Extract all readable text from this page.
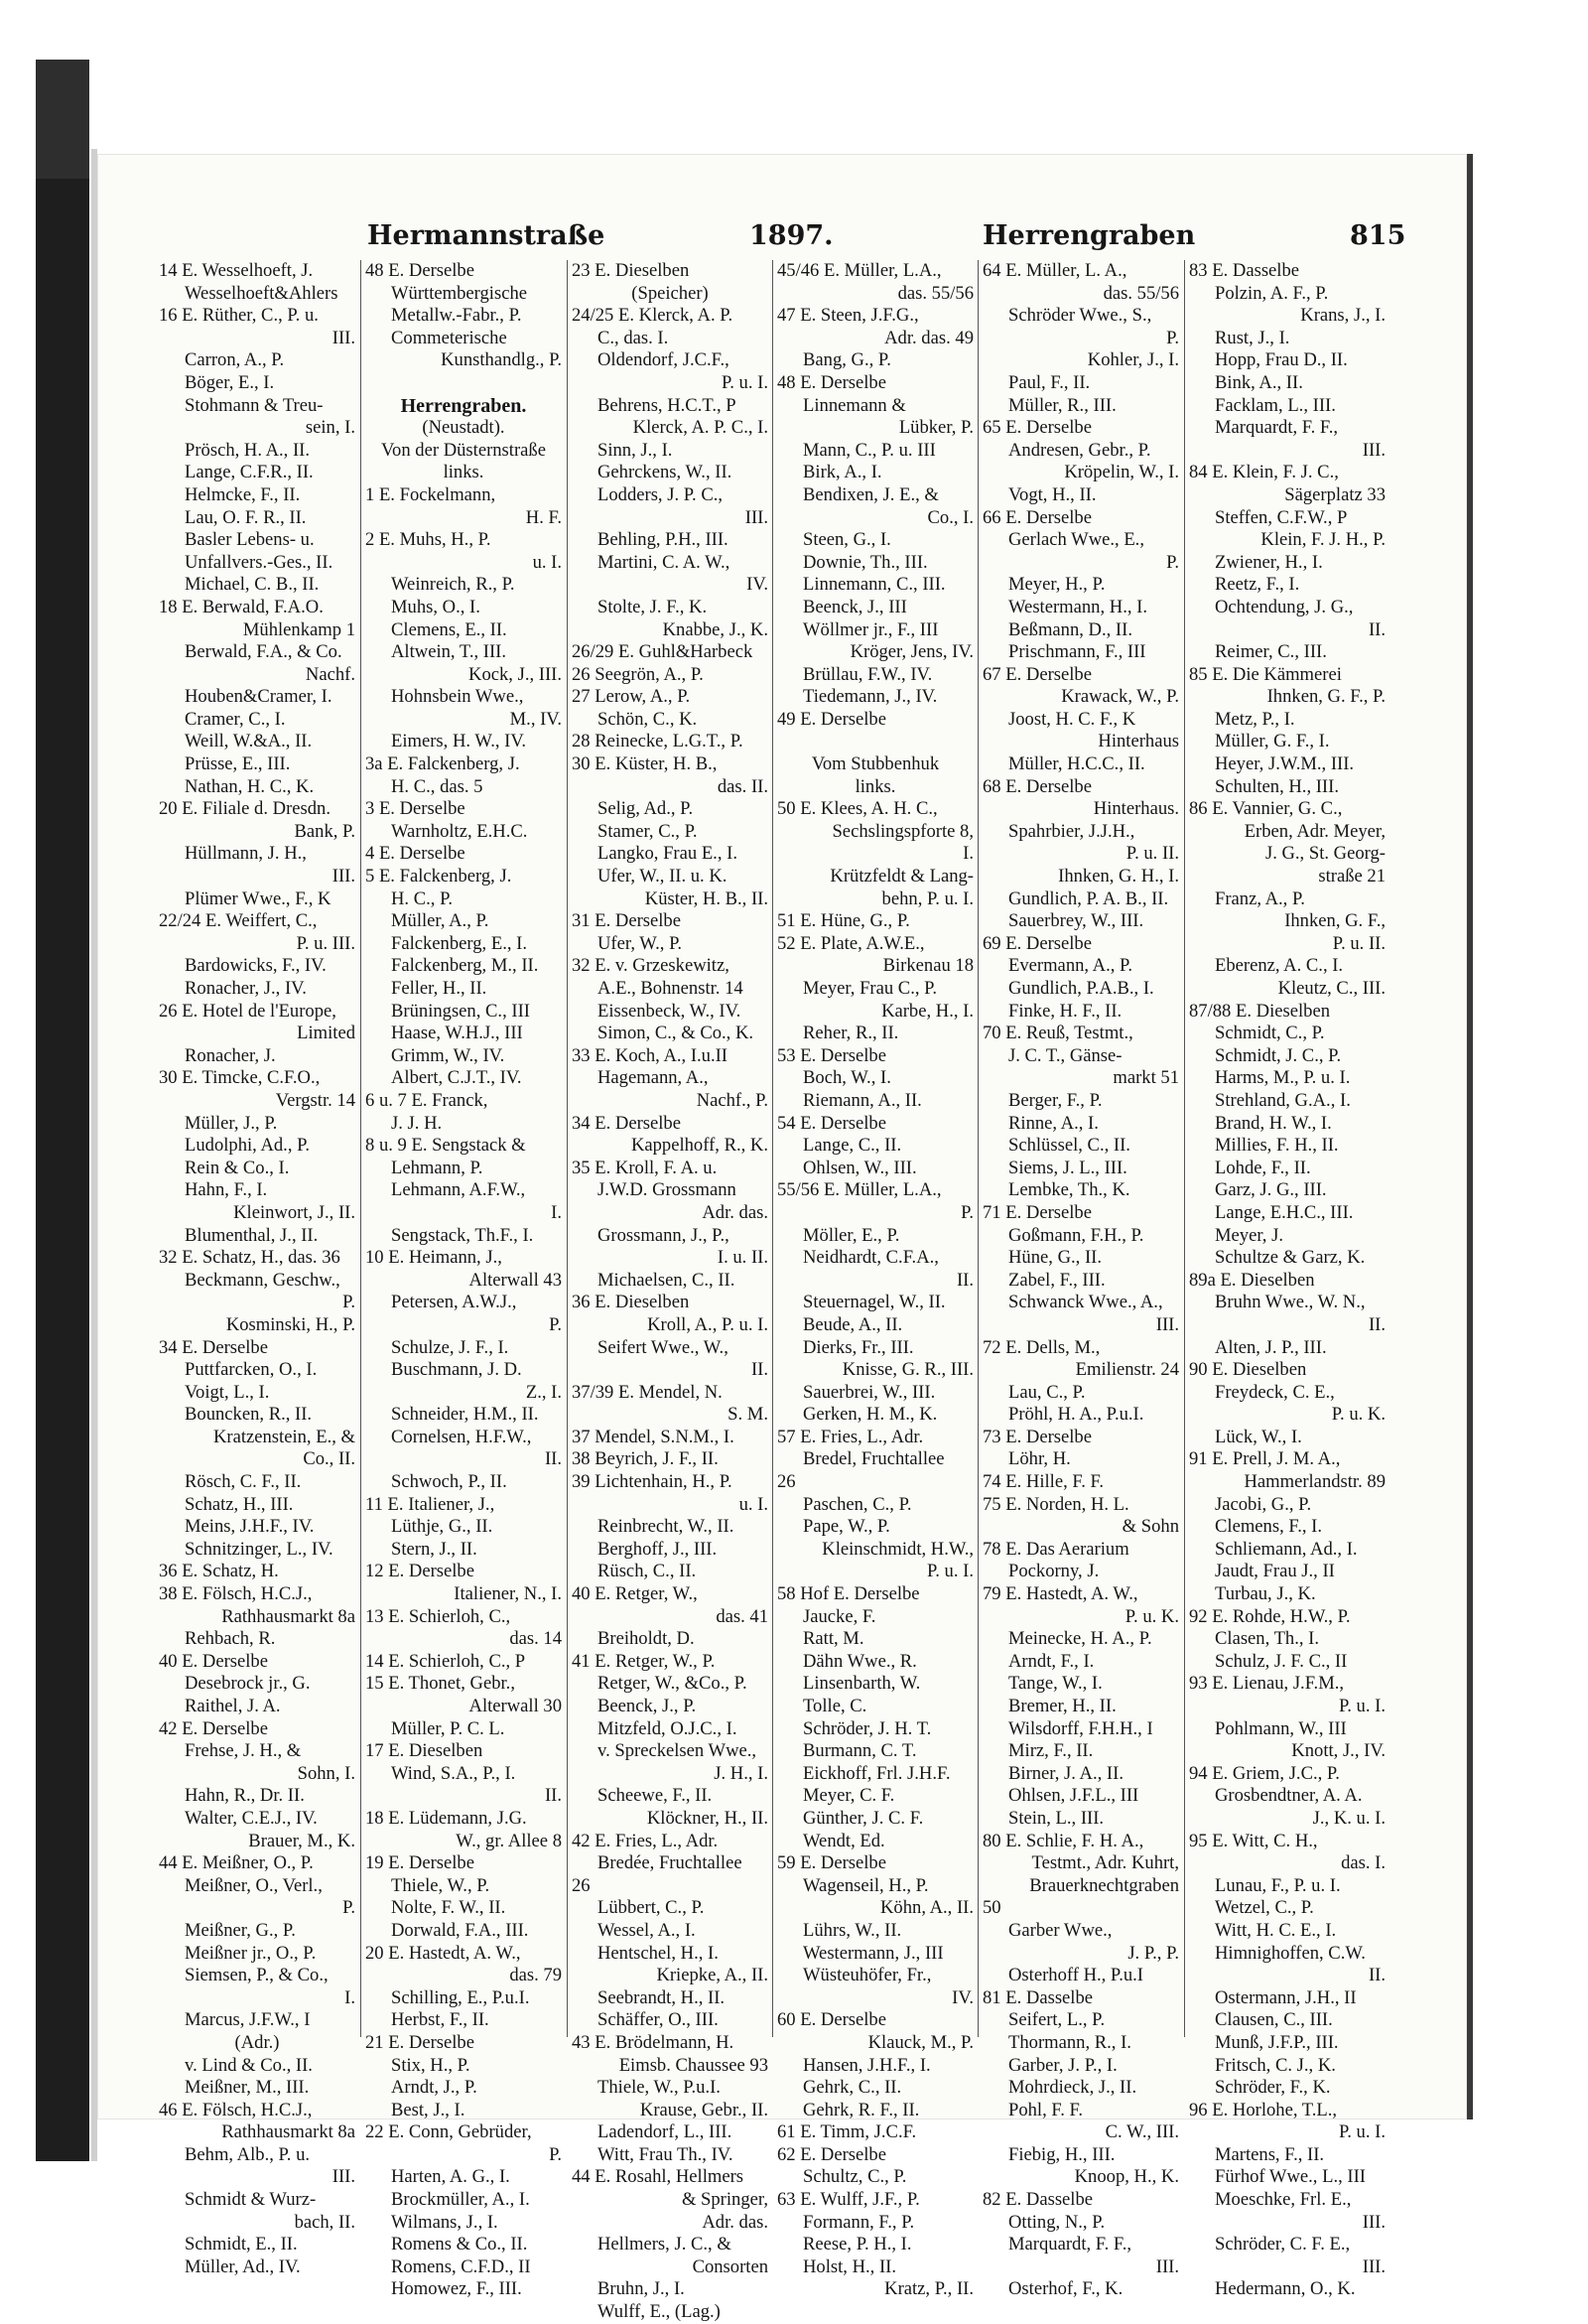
Hermannstraße	1897.	Herrengraben	815
14 E. Wesselhoeft, J.
Wesselhoeft&Ahlers
16 E. Rüther, C., P. u.
III.
Carron, A., P.
Böger, E., I.
Stohmann & Treu-
sein, I.
Prösch, H. A., II.
Lange, C.F.R., II.
Helmcke, F., II.
Lau, O. F. R., II.
Basler Lebens- u.
Unfallvers.-Ges., II.
Michael, C. B., II.
18 E. Berwald, F.A.O.
Mühlenkamp 1
Berwald, F.A., & Co.
Nachf.
Houben&Cramer, I.
Cramer, C., I.
Weill, W.&A., II.
Prüsse, E., III.
Nathan, H. C., K.
20 E. Filiale d. Dresdn.
Bank, P.
Hüllmann, J. H.,
III.
Plümer Wwe., F., K
22/24 E. Weiffert, C.,
P. u. III.
Bardowicks, F., IV.
Ronacher, J., IV.
26 E. Hotel de l'Europe,
Limited
Ronacher, J.
30 E. Timcke, C.F.O.,
Vergstr. 14
Müller, J., P.
Ludolphi, Ad., P.
Rein & Co., I.
Hahn, F., I.
Kleinwort, J., II.
Blumenthal, J., II.
32 E. Schatz, H., das. 36
Beckmann, Geschw.,
P.
Kosminski, H., P.
34 E. Derselbe
Puttfarcken, O., I.
Voigt, L., I.
Bouncken, R., II.
Kratzenstein, E., &
Co., II.
Rösch, C. F., II.
Schatz, H., III.
Meins, J.H.F., IV.
Schnitzinger, L., IV.
36 E. Schatz, H.
38 E. Fölsch, H.C.J.,
Rathhausmarkt 8a
Rehbach, R.
40 E. Derselbe
Desebrock jr., G.
Raithel, J. A.
42 E. Derselbe
Frehse, J. H., &
Sohn, I.
Hahn, R., Dr. II.
Walter, C.E.J., IV.
Brauer, M., K.
44 E. Meißner, O., P.
Meißner, O., Verl.,
P.
Meißner, G., P.
Meißner jr., O., P.
Siemsen, P., & Co.,
I.
Marcus, J.F.W., I
(Adr.)
v. Lind & Co., II.
Meißner, M., III.
46 E. Fölsch, H.C.J.,
Rathhausmarkt 8a
Behm, Alb., P. u.
III.
Schmidt & Wurz-
bach, II.
Schmidt, E., II.
Müller, Ad., IV.
48 E. Derselbe
Württembergische
Metallw.-Fabr., P.
Commeterische
Kunsthandlg., P.
Herrengraben.
(Neustadt).
Von der Düsternstraße
links.
1 E. Fockelmann,
H. F.
2 E. Muhs, H., P.
u. I.
Weinreich, R., P.
Muhs, O., I.
Clemens, E., II.
Altwein, T., III.
Kock, J., III.
Hohnsbein Wwe.,
M., IV.
Eimers, H. W., IV.
3a E. Falckenberg, J.
H. C., das. 5
3 E. Derselbe
Warnholtz, E.H.C.
4 E. Derselbe
5 E. Falckenberg, J.
H. C., P.
Müller, A., P.
Falckenberg, E., I.
Falckenberg, M., II.
Feller, H., II.
Brüningsen, C., III
Haase, W.H.J., III
Grimm, W., IV.
Albert, C.J.T., IV.
6 u. 7 E. Franck,
J. J. H.
8 u. 9 E. Sengstack &
Lehmann, P.
Lehmann, A.F.W.,
I.
Sengstack, Th.F., I.
10 E. Heimann, J.,
Alterwall 43
Petersen, A.W.J.,
P.
Schulze, J. F., I.
Buschmann, J. D.
Z., I.
Schneider, H.M., II.
Cornelsen, H.F.W.,
II.
Schwoch, P., II.
11 E. Italiener, J.,
Lüthje, G., II.
Stern, J., II.
12 E. Derselbe
Italiener, N., I.
13 E. Schierloh, C.,
das. 14
14 E. Schierloh, C., P
15 E. Thonet, Gebr.,
Alterwall 30
Müller, P. C. L.
17 E. Dieselben
Wind, S.A., P., I.
II.
18 E. Lüdemann, J.G.
W., gr. Allee 8
19 E. Derselbe
Thiele, W., P.
Nolte, F. W., II.
Dorwald, F.A., III.
20 E. Hastedt, A. W.,
das. 79
Schilling, E., P.u.I.
Herbst, F., II.
21 E. Derselbe
Stix, H., P.
Arndt, J., P.
Best, J., I.
22 E. Conn, Gebrüder,
P.
Harten, A. G., I.
Brockmüller, A., I.
Wilmans, J., I.
Romens & Co., II.
Romens, C.F.D., II
Homowez, F., III.
23 E. Dieselben
(Speicher)
24/25 E. Klerck, A. P.
C., das. I.
Oldendorf, J.C.F.,
P. u. I.
Behrens, H.C.T., P
Klerck, A. P. C., I.
Sinn, J., I.
Gehrckens, W., II.
Lodders, J. P. C.,
III.
Behling, P.H., III.
Martini, C. A. W.,
IV.
Stolte, J. F., K.
Knabbe, J., K.
26/29 E. Guhl&Harbeck
26 Seegrön, A., P.
27 Lerow, A., P.
Schön, C., K.
28 Reinecke, L.G.T., P.
30 E. Küster, H. B.,
das. II.
Selig, Ad., P.
Stamer, C., P.
Langko, Frau E., I.
Ufer, W., II. u. K.
Küster, H. B., II.
31 E. Derselbe
Ufer, W., P.
32 E. v. Grzeskewitz,
A.E., Bohnenstr. 14
Eissenbeck, W., IV.
Simon, C., & Co., K.
33 E. Koch, A., I.u.II
Hagemann, A.,
Nachf., P.
34 E. Derselbe
Kappelhoff, R., K.
35 E. Kroll, F. A. u.
J.W.D. Grossmann
Adr. das.
Grossmann, J., P.,
I. u. II.
Michaelsen, C., II.
36 E. Dieselben
Kroll, A., P. u. I.
Seifert Wwe., W.,
II.
37/39 E. Mendel, N.
S. M.
37 Mendel, S.N.M., I.
38 Beyrich, J. F., II.
39 Lichtenhain, H., P.
u. I.
Reinbrecht, W., II.
Berghoff, J., III.
Rüsch, C., II.
40 E. Retger, W.,
das. 41
Breiholdt, D.
41 E. Retger, W., P.
Retger, W., &Co., P.
Beenck, J., P.
Mitzfeld, O.J.C., I.
v. Spreckelsen Wwe.,
J. H., I.
Scheewe, F., II.
Klöckner, H., II.
42 E. Fries, L., Adr.
Bredée, Fruchtallee
26
Lübbert, C., P.
Wessel, A., I.
Hentschel, H., I.
Kriepke, A., II.
Seebrandt, H., II.
Schäffer, O., III.
43 E. Brödelmann, H.
Eimsb. Chaussee 93
Thiele, W., P.u.I.
Krause, Gebr., II.
Ladendorf, L., III.
Witt, Frau Th., IV.
44 E. Rosahl, Hellmers
& Springer,
Adr. das.
Hellmers, J. C., &
Consorten
Bruhn, J., I.
Wulff, E., (Lag.)
45/46 E. Müller, L.A.,
das. 55/56
47 E. Steen, J.F.G.,
Adr. das. 49
Bang, G., P.
48 E. Derselbe
Linnemann &
Lübker, P.
Mann, C., P. u. III
Birk, A., I.
Bendixen, J. E., &
Co., I.
Steen, G., I.
Downie, Th., III.
Linnemann, C., III.
Beenck, J., III
Wöllmer jr., F., III
Kröger, Jens, IV.
Brüllau, F.W., IV.
Tiedemann, J., IV.
49 E. Derselbe
Vom Stubbenhuk
links.
50 E. Klees, A. H. C.,
Sechslingspforte 8,
I.
Krützfeldt & Lang-
behn, P. u. I.
51 E. Hüne, G., P.
52 E. Plate, A.W.E.,
Birkenau 18
Meyer, Frau C., P.
Karbe, H., I.
Reher, R., II.
53 E. Derselbe
Boch, W., I.
Riemann, A., II.
54 E. Derselbe
Lange, C., II.
Ohlsen, W., III.
55/56 E. Müller, L.A.,
P.
Möller, E., P.
Neidhardt, C.F.A.,
II.
Steuernagel, W., II.
Beude, A., II.
Dierks, Fr., III.
Knisse, G. R., III.
Sauerbrei, W., III.
Gerken, H. M., K.
57 E. Fries, L., Adr.
Bredel, Fruchtallee
26
Paschen, C., P.
Pape, W., P.
Kleinschmidt, H.W.,
P. u. I.
58 Hof E. Derselbe
Jaucke, F.
Ratt, M.
Dähn Wwe., R.
Linsenbarth, W.
Tolle, C.
Schröder, J. H. T.
Burmann, C. T.
Eickhoff, Frl. J.H.F.
Meyer, C. F.
Günther, J. C. F.
Wendt, Ed.
59 E. Derselbe
Wagenseil, H., P.
Köhn, A., II.
Lührs, W., II.
Westermann, J., III
Wüsteuhöfer, Fr.,
IV.
60 E. Derselbe
Klauck, M., P.
Hansen, J.H.F., I.
Gehrk, C., II.
Gehrk, R. F., II.
61 E. Timm, J.C.F.
62 E. Derselbe
Schultz, C., P.
63 E. Wulff, J.F., P.
Formann, F., P.
Reese, P. H., I.
Holst, H., II.
Kratz, P., II.
64 E. Müller, L. A.,
das. 55/56
Schröder Wwe., S.,
P.
Kohler, J., I.
Paul, F., II.
Müller, R., III.
65 E. Derselbe
Andresen, Gebr., P.
Kröpelin, W., I.
Vogt, H., II.
66 E. Derselbe
Gerlach Wwe., E.,
P.
Meyer, H., P.
Westermann, H., I.
Beßmann, D., II.
Prischmann, F., III
67 E. Derselbe
Krawack, W., P.
Joost, H. C. F., K
Hinterhaus
Müller, H.C.C., II.
68 E. Derselbe
Hinterhaus.
Spahrbier, J.J.H.,
P. u. II.
Ihnken, G. H., I.
Gundlich, P. A. B., II.
Sauerbrey, W., III.
69 E. Derselbe
Evermann, A., P.
Gundlich, P.A.B., I.
Finke, H. F., II.
70 E. Reuß, Testmt.,
J. C. T., Gänse-
markt 51
Berger, F., P.
Rinne, A., I.
Schlüssel, C., II.
Siems, J. L., III.
Lembke, Th., K.
71 E. Derselbe
Goßmann, F.H., P.
Hüne, G., II.
Zabel, F., III.
Schwanck Wwe., A.,
III.
72 E. Dells, M.,
Emilienstr. 24
Lau, C., P.
Pröhl, H. A., P.u.I.
73 E. Derselbe
Löhr, H.
74 E. Hille, F. F.
75 E. Norden, H. L.
& Sohn
78 E. Das Aerarium
Pockorny, J.
79 E. Hastedt, A. W.,
P. u. K.
Meinecke, H. A., P.
Arndt, F., I.
Tange, W., I.
Bremer, H., II.
Wilsdorff, F.H.H., I
Mirz, F., II.
Birner, J. A., II.
Ohlsen, J.F.L., III
Stein, L., III.
80 E. Schlie, F. H. A.,
Testmt., Adr. Kuhrt,
Brauerknechtgraben
50
Garber Wwe.,
J. P., P.
Osterhoff H., P.u.I
81 E. Dasselbe
Seifert, L., P.
Thormann, R., I.
Garber, J. P., I.
Mohrdieck, J., II.
Pohl, F. F.
C. W., III.
Fiebig, H., III.
Knoop, H., K.
82 E. Dasselbe
Otting, N., P.
Marquardt, F. F.,
III.
Osterhof, F., K.
83 E. Dasselbe
Polzin, A. F., P.
Krans, J., I.
Rust, J., I.
Hopp, Frau D., II.
Bink, A., II.
Facklam, L., III.
Marquardt, F. F.,
III.
84 E. Klein, F. J. C.,
Sägerplatz 33
Steffen, C.F.W., P
Klein, F. J. H., P.
Zwiener, H., I.
Reetz, F., I.
Ochtendung, J. G.,
II.
Reimer, C., III.
85 E. Die Kämmerei
Ihnken, G. F., P.
Metz, P., I.
Müller, G. F., I.
Heyer, J.W.M., III.
Schulten, H., III.
86 E. Vannier, G. C.,
Erben, Adr. Meyer,
J. G., St. Georg-
straße 21
Franz, A., P.
Ihnken, G. F.,
P. u. II.
Eberenz, A. C., I.
Kleutz, C., III.
87/88 E. Dieselben
Schmidt, C., P.
Schmidt, J. C., P.
Harms, M., P. u. I.
Strehland, G.A., I.
Brand, H. W., I.
Millies, F. H., II.
Lohde, F., II.
Garz, J. G., III.
Lange, E.H.C., III.
Meyer, J.
Schultze & Garz, K.
89a E. Dieselben
Bruhn Wwe., W. N.,
II.
Alten, J. P., III.
90 E. Dieselben
Freydeck, C. E.,
P. u. K.
Lück, W., I.
91 E. Prell, J. M. A.,
Hammerlandstr. 89
Jacobi, G., P.
Clemens, F., I.
Schliemann, Ad., I.
Jaudt, Frau J., II
Turbau, J., K.
92 E. Rohde, H.W., P.
Clasen, Th., I.
Schulz, J. F. C., II
93 E. Lienau, J.F.M.,
P. u. I.
Pohlmann, W., III
Knott, J., IV.
94 E. Griem, J.C., P.
Grosbendtner, A. A.
J., K. u. I.
95 E. Witt, C. H.,
das. I.
Lunau, F., P. u. I.
Wetzel, C., P.
Witt, H. C. E., I.
Himnighoffen, C.W.
II.
Ostermann, J.H., II
Clausen, C., III.
Munß, J.F.P., III.
Fritsch, C. J., K.
Schröder, F., K.
96 E. Horlohe, T.L.,
P. u. I.
Martens, F., II.
Fürhof Wwe., L., III
Moeschke, Frl. E.,
III.
Schröder, C. F. E.,
III.
Hedermann, O., K.
